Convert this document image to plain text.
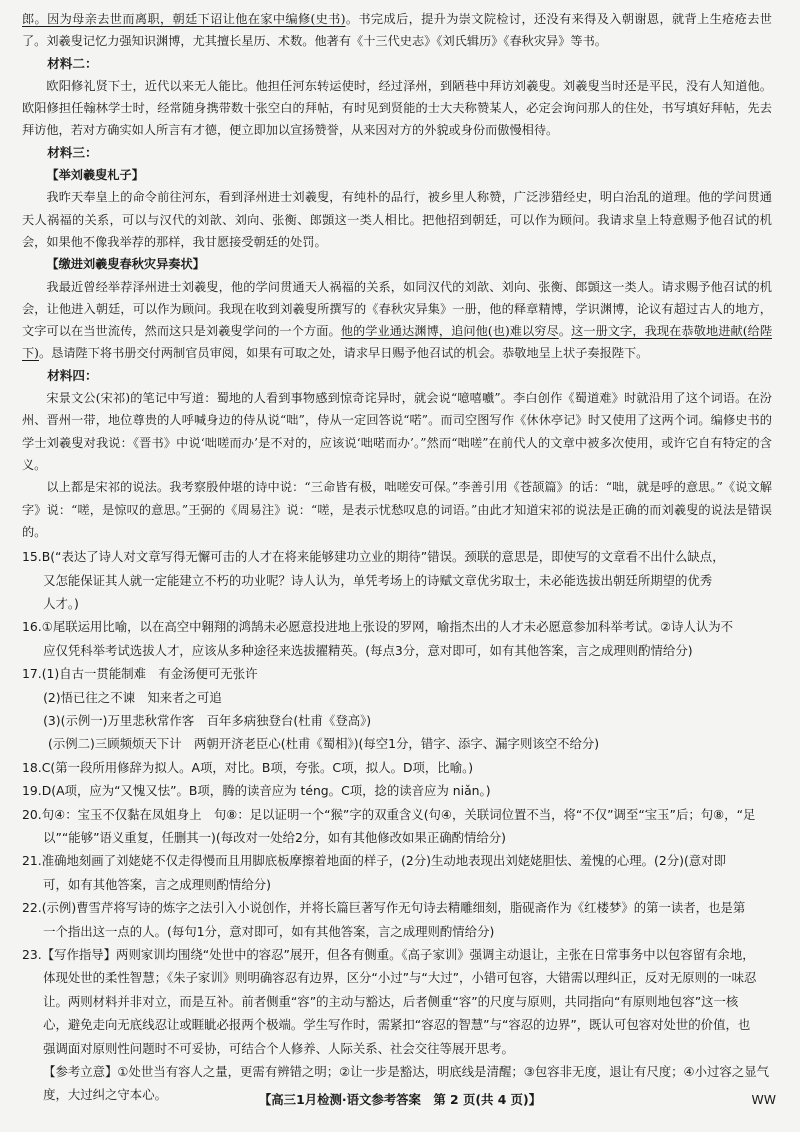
郎。因为母亲去世而离职，朝廷下诏让他在家中编修(史书)。书完成后，提升为崇文院检讨，还没有来得及入朝谢恩，就背上生疮疮去世了。刘羲叟记忆力强知识渊博，尤其擅长星历、术数。他著有《十三代史志》《刘氏辑历》《春秋灾异》等书。

材料二：

欧阳修礼贤下士，近代以来无人能比。他担任河东转运使时，经过泽州，到陋巷中拜访刘羲叟。刘羲叟当时还是平民，没有人知道他。欧阳修担任翰林学士时，经常随身携带数十张空白的拜帖，有时见到贤能的士大夫称赞某人，必定会询问那人的住处，书写填好拜帖，先去拜访他，若对方确实如人所言有才德，便立即加以宣扬赞誉，从来因对方的外貌或身份而傲慢相待。

材料三：

【举刘羲叟札子】

我昨天奉皇上的命令前往河东，看到泽州进士刘羲叟，有纯朴的品行，被乡里人称赞，广泛涉猎经史，明白治乱的道理。他的学问贯通天人祸福的关系，可以与汉代的刘歆、刘向、张衡、郎顗这一类人相比。把他招到朝廷，可以作为顾问。我请求皇上特意赐予他召试的机会，如果他不像我举荐的那样，我甘愿接受朝廷的处罚。

【缴进刘羲叟春秋灾异奏状】

我最近曾经举荐泽州进士刘羲叟，他的学问贯通天人祸福的关系，如同汉代的刘歆、刘向、张衡、郎顗这一类人。请求赐予他召试的机会，让他进入朝廷，可以作为顾问。我现在收到刘羲叟所撰写的《春秋灾异集》一册，他的释章精博，学识渊博，论议有超过古人的地方，文字可以在当世流传，然而这只是刘羲叟学问的一个方面。他的学业通达渊博，追问他(也)难以穷尽。这一册文字，我现在恭敬地进献(给陛下)。恳请陛下将书册交付两制官员审阅，如果有可取之处，请求早日赐予他召试的机会。恭敬地呈上状子奏报陛下。

材料四：

宋景文公(宋祁)的笔记中写道：蜀地的人看到事物感到惊奇诧异时，就会说“噫嘻嚱”。李白创作《蜀道难》时就沿用了这个词语。在汾州、晋州一带，地位尊贵的人呼喊身边的侍从说“咄”，侍从一定回答说“喏”。而司空图写作《休休亭记》时又使用了这两个词。编修史书的学士刘羲叟对我说：《晋书》中说‘咄嗟而办’是不对的，应该说‘咄喏而办’。”然而“咄嗟”在前代人的文章中被多次使用，或许它自有特定的含义。

以上都是宋祁的说法。我考察殷仲堪的诗中说：“三命皆有极，咄嗟安可保。”李善引用《苍颉篇》的话：“咄，就是呼的意思。”《说文解字》说：“嗟，是惊叹的意思。”王弼的《周易注》说：“嗟，是表示忧愁叹息的词语。”由此才知道宋祁的说法是正确的而刘羲叟的说法是错误的。

15.B(“表达了诗人对文章写得无懈可击的人才在将来能够建功立业的期待”错误。颈联的意思是，即使写的文章看不出什么缺点，

又怎能保证其人就一定能建立不朽的功业呢？诗人认为，单凭考场上的诗赋文章优劣取士，未必能选拔出朝廷所期望的优秀

人才。)

16.①尾联运用比喻，以在高空中翱翔的鸿鹄未必愿意投进地上张设的罗网，喻指杰出的人才未必愿意参加科举考试。②诗人认为不

应仅凭科举考试选拔人才，应该从多种途径来选拔擢精英。(每点3分，意对即可，如有其他答案，言之成理则酌情给分)

17.(1)自古一贯能制难　有金汤便可无张许

(2)悟已往之不谏　知来者之可追

(3)(示例一)万里悲秋常作客　百年多病独登台(杜甫《登高》)

(示例二)三顾频烦天下计　两朝开济老臣心(杜甫《蜀相》)(每空1分，错字、添字、漏字则该空不给分)

18.C(第一段所用修辞为拟人。A项，对比。B项，夸张。C项，拟人。D项，比喻。)

19.D(A项，应为“又愧又怯”。B项，腾的读音应为 téng。C项，捻的读音应为 niǎn。)

20.句④：宝玉不仅黏在凤姐身上　句⑧：足以证明一个“猴”字的双重含义(句④，关联词位置不当，将“不仅”调至“宝玉”后；句⑧，“足

以”“能够”语义重复，任删其一)(每改对一处给2分，如有其他修改如果正确酌情给分)

21.准确地刻画了刘姥姥不仅走得慢而且用脚底板摩擦着地面的样子，(2分)生动地表现出刘姥姥胆怯、羞愧的心理。(2分)(意对即

可，如有其他答案，言之成理则酌情给分)

22.(示例)曹雪芹将写诗的炼字之法引入小说创作，并将长篇巨著写作无句诗去精雕细刻，脂砚斋作为《红楼梦》的第一读者，也是第

一个指出这一点的人。(每句1分，意对即可，如有其他答案，言之成理则酌情给分)

23.【写作指导】两则家训均围绕“处世中的容忍”展开，但各有侧重。《高子家训》强调主动退让，主张在日常事务中以包容留有余地，

体现处世的柔性智慧；《朱子家训》则明确容忍有边界，区分“小过”与“大过”，小错可包容，大错需以理纠正，反对无原则的一味忍

让。两则材料并非对立，而是互补。前者侧重“容”的主动与豁达，后者侧重“容”的尺度与原则，共同指向“有原则地包容”这一核

心，避免走向无底线忍让或睚眦必报两个极端。学生写作时，需紧扣“容忍的智慧”与“容忍的边界”，既认可包容对处世的价值，也

强调面对原则性问题时不可妥协，可结合个人修养、人际关系、社会交往等展开思考。

【参考立意】①处世当有容人之量，更需有辨错之明；②让一步是豁达，明底线是清醒；③包容非无度，退让有尺度；④小过容之显气

度，大过纠之守本心。	【高三1月检测·语文参考答案　第 2 页(共 4 页)】	WW
